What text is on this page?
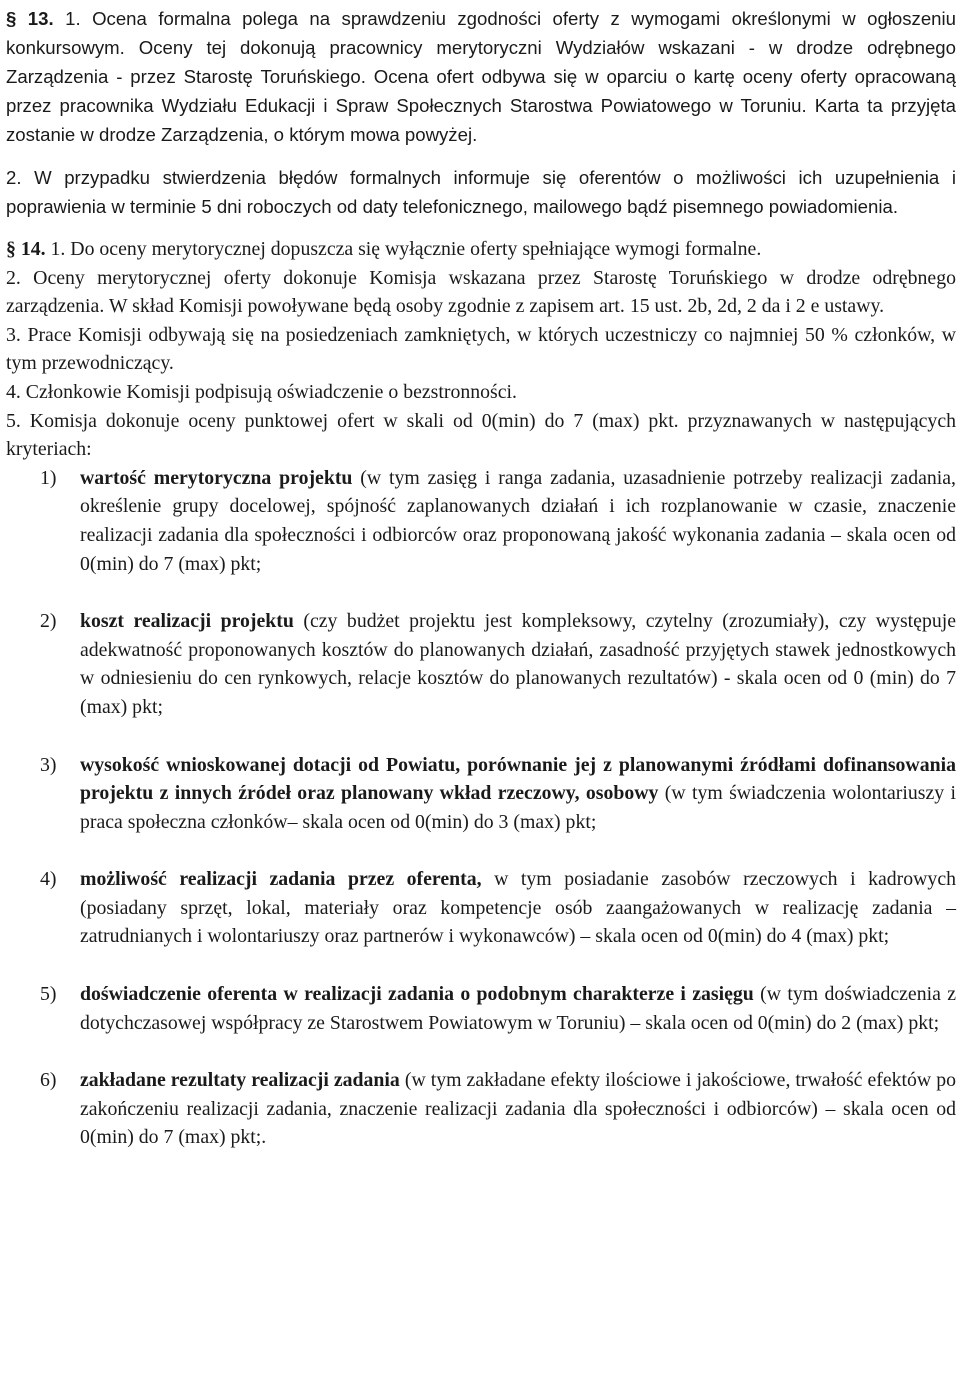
§ 13. 1. Ocena formalna polega na sprawdzeniu zgodności oferty z wymogami określonymi w ogłoszeniu konkursowym. Oceny tej dokonują pracownicy merytoryczni Wydziałów wskazani - w drodze odrębnego Zarządzenia - przez Starostę Toruńskiego. Ocena ofert odbywa się w oparciu o kartę oceny oferty opracowaną przez pracownika Wydziału Edukacji i Spraw Społecznych Starostwa Powiatowego w Toruniu. Karta ta przyjęta zostanie w drodze Zarządzenia, o którym mowa powyżej.

2. W przypadku stwierdzenia błędów formalnych informuje się oferentów o możliwości ich uzupełnienia i poprawienia w terminie 5 dni roboczych od daty telefonicznego, mailowego bądź pisemnego powiadomienia.

§ 14. 1. Do oceny merytorycznej dopuszcza się wyłącznie oferty spełniające wymogi formalne.

2. Oceny merytorycznej oferty dokonuje Komisja wskazana przez Starostę Toruńskiego w drodze odrębnego zarządzenia. W skład Komisji powoływane będą osoby zgodnie z zapisem art. 15 ust. 2b, 2d, 2 da i 2 e ustawy.

3. Prace Komisji odbywają się na posiedzeniach zamkniętych, w których uczestniczy co najmniej 50 % członków, w tym przewodniczący.

4. Członkowie Komisji podpisują oświadczenie o bezstronności.

5. Komisja dokonuje oceny punktowej ofert w skali od 0(min) do 7 (max) pkt. przyznawanych w następujących kryteriach:

1) wartość merytoryczna projektu (w tym zasięg i ranga zadania, uzasadnienie potrzeby realizacji zadania, określenie grupy docelowej, spójność zaplanowanych działań i ich rozplanowanie w czasie, znaczenie realizacji zadania dla społeczności i odbiorców oraz proponowaną jakość wykonania zadania – skala ocen od 0(min) do 7 (max) pkt;
2) koszt realizacji projektu (czy budżet projektu jest kompleksowy, czytelny (zrozumiały), czy występuje adekwatność proponowanych kosztów do planowanych działań, zasadność przyjętych stawek jednostkowych w odniesieniu do cen rynkowych, relacje kosztów do planowanych rezultatów) - skala ocen od 0 (min) do 7 (max) pkt;
3) wysokość wnioskowanej dotacji od Powiatu, porównanie jej z planowanymi źródłami dofinansowania projektu z innych źródeł oraz planowany wkład rzeczowy, osobowy (w tym świadczenia wolontariuszy i praca społeczna członków– skala ocen od 0(min) do 3 (max) pkt;
4) możliwość realizacji zadania przez oferenta, w tym posiadanie zasobów rzeczowych i kadrowych (posiadany sprzęt, lokal, materiały oraz kompetencje osób zaangażowanych w realizację zadania – zatrudnianych i wolontariuszy oraz partnerów i wykonawców) – skala ocen od 0(min) do 4 (max) pkt;
5) doświadczenie oferenta w realizacji zadania o podobnym charakterze i zasięgu (w tym doświadczenia z dotychczasowej współpracy ze Starostwem Powiatowym w Toruniu) – skala ocen od 0(min) do 2 (max) pkt;
6) zakładane rezultaty realizacji zadania (w tym zakładane efekty ilościowe i jakościowe, trwałość efektów po zakończeniu realizacji zadania, znaczenie realizacji zadania dla społeczności i odbiorców) – skala ocen od 0(min) do 7 (max) pkt;.
